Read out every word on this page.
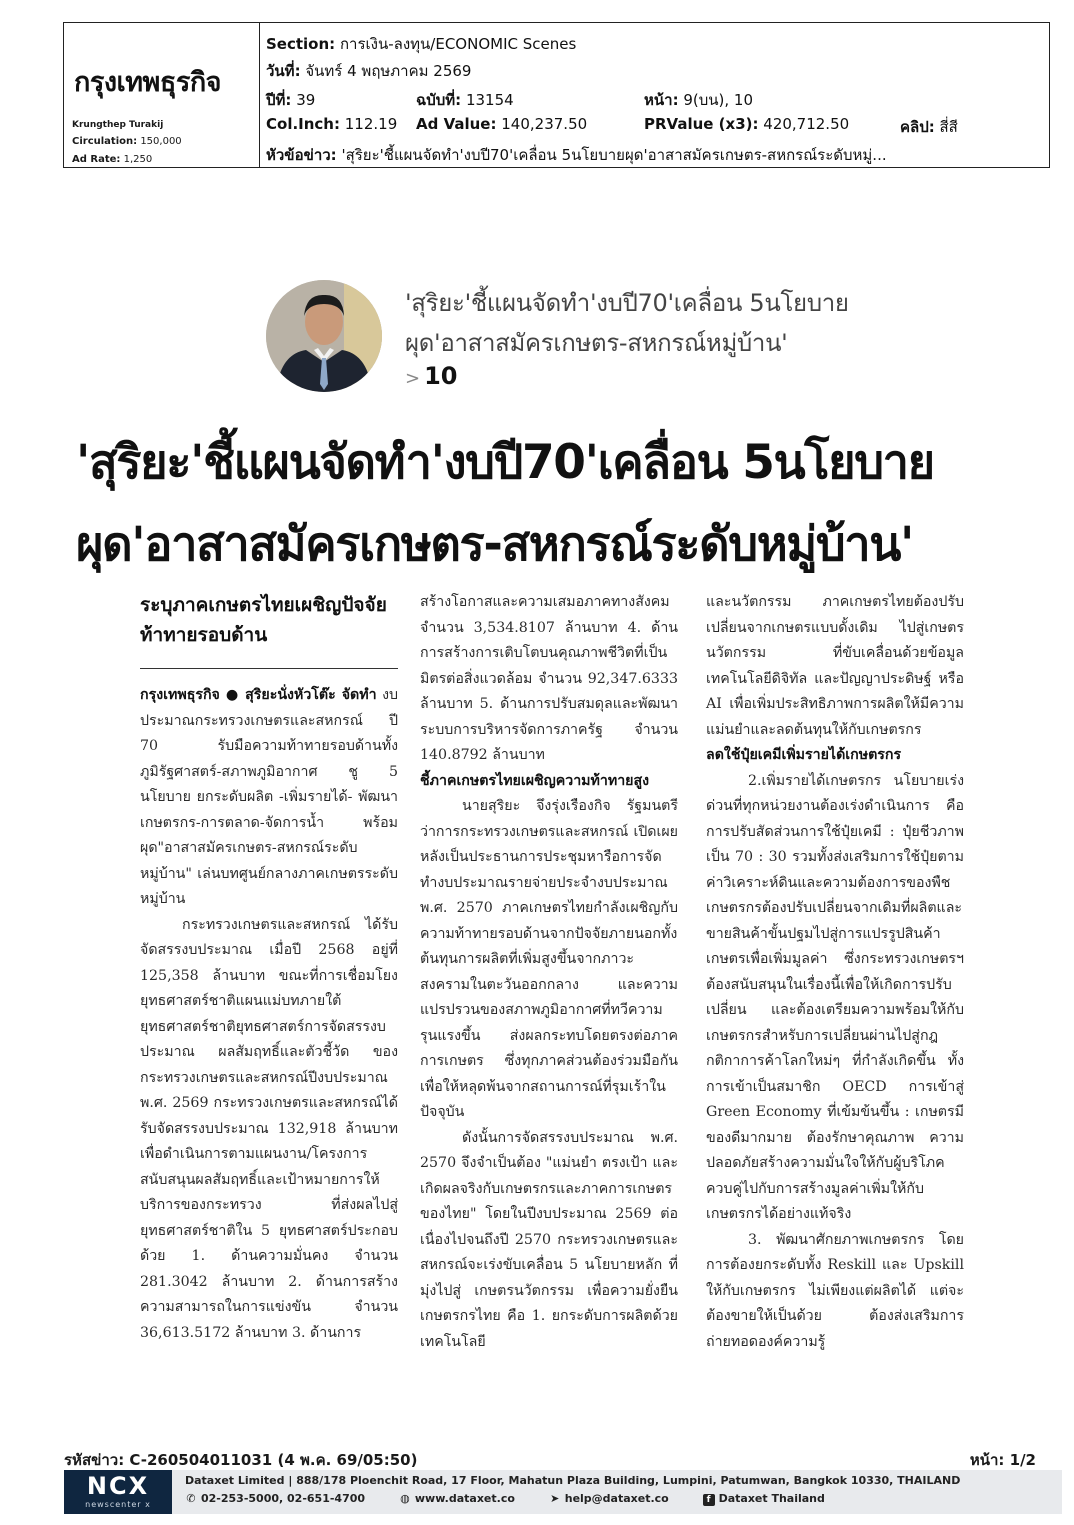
กรุงเทพธุรกิจ
Krungthep Turakij
Circulation: 150,000
Ad Rate: 1,250
Section: การเงิน-ลงทุน/ECONOMIC Scenes
วันที่: จันทร์ 4 พฤษภาคม 2569
ปีที่: 39	ฉบับที่: 13154	หน้า: 9(บน), 10
Col.Inch: 112.19 Ad Value: 140,237.50	PRValue (x3): 420,712.50	คลิป: สี่สี
หัวข้อข่าว: 'สุริยะ'ชี้แผนจัดทำ'งบปี70'เคลื่อน 5นโยบายผุด'อาสาสมัครเกษตร-สหกรณ์ระดับหมู่...
'สุริยะ'ชี้แผนจัดทำ'งบปี70'เคลื่อน 5นโยบาย
ผุด'อาสาสมัครเกษตร-สหกรณ์หมู่บ้าน'
> 10
'สุริยะ'ชี้แผนจัดทำ'งบปี70'เคลื่อน 5นโยบาย
ผุด'อาสาสมัครเกษตร-สหกรณ์ระดับหมู่บ้าน'

ระบุภาคเกษตรไทยเผชิญปัจจัยท้าทายรอบด้าน

กรุงเทพธุรกิจ ● สุริยะนั่งหัวโต๊ะ จัดทำ งบประมาณกระทรวงเกษตรและสหกรณ์ ปี 70 รับมือความท้าทายรอบด้านทั้งภูมิรัฐศาสตร์-สภาพภูมิอากาศ ชู 5 นโยบาย ยกระดับผลิต -เพิ่มรายได้- พัฒนาเกษตรกร-การตลาด-จัดการน้ำ พร้อมผุด"อาสาสมัครเกษตร-สหกรณ์ระดับหมู่บ้าน" เล่นบทศูนย์กลางภาคเกษตรระดับหมู่บ้าน

กระทรวงเกษตรและสหกรณ์ ได้รับจัดสรรงบประมาณ เมื่อปี 2568 อยู่ที่ 125,358 ล้านบาท ขณะที่การเชื่อมโยงยุทธศาสตร์ชาติแผนแม่บทภายใต้ยุทธศาสตร์ชาติยุทธศาสตร์การจัดสรรงบประมาณ ผลสัมฤทธิ์และตัวชี้วัด ของกระทรวงเกษตรและสหกรณ์ปีงบประมาณ พ.ศ. 2569 กระทรวงเกษตรและสหกรณ์ได้รับจัดสรรงบประมาณ 132,918 ล้านบาท เพื่อดำเนินการตามแผนงาน/โครงการสนับสนุนผลสัมฤทธิ์และเป้าหมายการให้บริการของกระทรวง ที่ส่งผลไปสู่ยุทธศาสตร์ชาติใน 5 ยุทธศาสตร์ประกอบด้วย 1. ด้านความมั่นคง จำนวน 281.3042 ล้านบาท 2. ด้านการสร้างความสามารถในการแข่งขัน จำนวน 36,613.5172 ล้านบาท 3. ด้านการ

สร้างโอกาสและความเสมอภาคทางสังคม จำนวน 3,534.8107 ล้านบาท 4. ด้านการสร้างการเติบโตบนคุณภาพชีวิตที่เป็นมิตรต่อสิ่งแวดล้อม จำนวน 92,347.6333 ล้านบาท 5. ด้านการปรับสมดุลและพัฒนาระบบการบริหารจัดการภาครัฐ จำนวน 140.8792 ล้านบาท

ชี้ภาคเกษตรไทยเผชิญความท้าทายสูง

นายสุริยะ จึงรุ่งเรืองกิจ รัฐมนตรีว่าการกระทรวงเกษตรและสหกรณ์ เปิดเผยหลังเป็นประธานการประชุมหารือการจัดทำงบประมาณรายจ่ายประจำงบประมาณ พ.ศ. 2570 ภาคเกษตรไทยกำลังเผชิญกับความท้าทายรอบด้านจากปัจจัยภายนอกทั้งต้นทุนการผลิตที่เพิ่มสูงขึ้นจากภาวะสงครามในตะวันออกกลาง และความแปรปรวนของสภาพภูมิอากาศที่ทวีความรุนแรงขึ้น ส่งผลกระทบโดยตรงต่อภาคการเกษตร ซึ่งทุกภาคส่วนต้องร่วมมือกันเพื่อให้หลุดพ้นจากสถานการณ์ที่รุมเร้าในปัจจุบัน

ดังนั้นการจัดสรรงบประมาณ พ.ศ. 2570 จึงจำเป็นต้อง "แม่นยำ ตรงเป้า และเกิดผลจริงกับเกษตรกรและภาคการเกษตรของไทย" โดยในปีงบประมาณ 2569 ต่อเนื่องไปจนถึงปี 2570 กระทรวงเกษตรและสหกรณ์จะเร่งขับเคลื่อน 5 นโยบายหลัก ที่มุ่งไปสู่ เกษตรนวัตกรรม เพื่อความยั่งยืนเกษตรกรไทย คือ 1. ยกระดับการผลิตด้วยเทคโนโลยี

และนวัตกรรม ภาคเกษตรไทยต้องปรับเปลี่ยนจากเกษตรแบบดั้งเดิม ไปสู่เกษตรนวัตกรรม ที่ขับเคลื่อนด้วยข้อมูล เทคโนโลยีดิจิทัล และปัญญาประดิษฐ์ หรือ AI เพื่อเพิ่มประสิทธิภาพการผลิตให้มีความแม่นยำและลดต้นทุนให้กับเกษตรกร

ลดใช้ปุ๋ยเคมีเพิ่มรายได้เกษตรกร

2.เพิ่มรายได้เกษตรกร นโยบายเร่งด่วนที่ทุกหน่วยงานต้องเร่งดำเนินการ คือ การปรับสัดส่วนการใช้ปุ๋ยเคมี : ปุ๋ยชีวภาพ เป็น 70 : 30 รวมทั้งส่งเสริมการใช้ปุ๋ยตามค่าวิเคราะห์ดินและความต้องการของพืช เกษตรกรต้องปรับเปลี่ยนจากเดิมที่ผลิตและขายสินค้าขั้นปฐมไปสู่การแปรรูปสินค้าเกษตรเพื่อเพิ่มมูลค่า ซึ่งกระทรวงเกษตรฯ ต้องสนับสนุนในเรื่องนี้เพื่อให้เกิดการปรับเปลี่ยน และต้องเตรียมความพร้อมให้กับเกษตรกรสำหรับการเปลี่ยนผ่านไปสู่กฎกติกาการค้าโลกใหม่ๆ ที่กำลังเกิดขึ้น ทั้งการเข้าเป็นสมาชิก OECD การเข้าสู่ Green Economy ที่เข้มข้นขึ้น : เกษตรมีของดีมากมาย ต้องรักษาคุณภาพ ความปลอดภัยสร้างความมั่นใจให้กับผู้บริโภค ควบคู่ไปกับการสร้างมูลค่าเพิ่มให้กับเกษตรกรได้อย่างแท้จริง

3. พัฒนาศักยภาพเกษตรกร โดยการต้องยกระดับทั้ง Reskill และ Upskill ให้กับเกษตรกร ไม่เพียงแต่ผลิตได้ แต่จะต้องขายให้เป็นด้วย ต้องส่งเสริมการถ่ายทอดองค์ความรู้

รหัสข่าว: C-260504011031 (4 พ.ค. 69/05:50)	หน้า: 1/2
NCX
newscenter x
Dataxet Limited | 888/178 Ploenchit Road, 17 Floor, Mahatun Plaza Building, Lumpini, Patumwan, Bangkok 10330, THAILAND
✆ 02-253-5000, 02-651-4700	◍ www.dataxet.co	➤ help@dataxet.co	f Dataxet Thailand
